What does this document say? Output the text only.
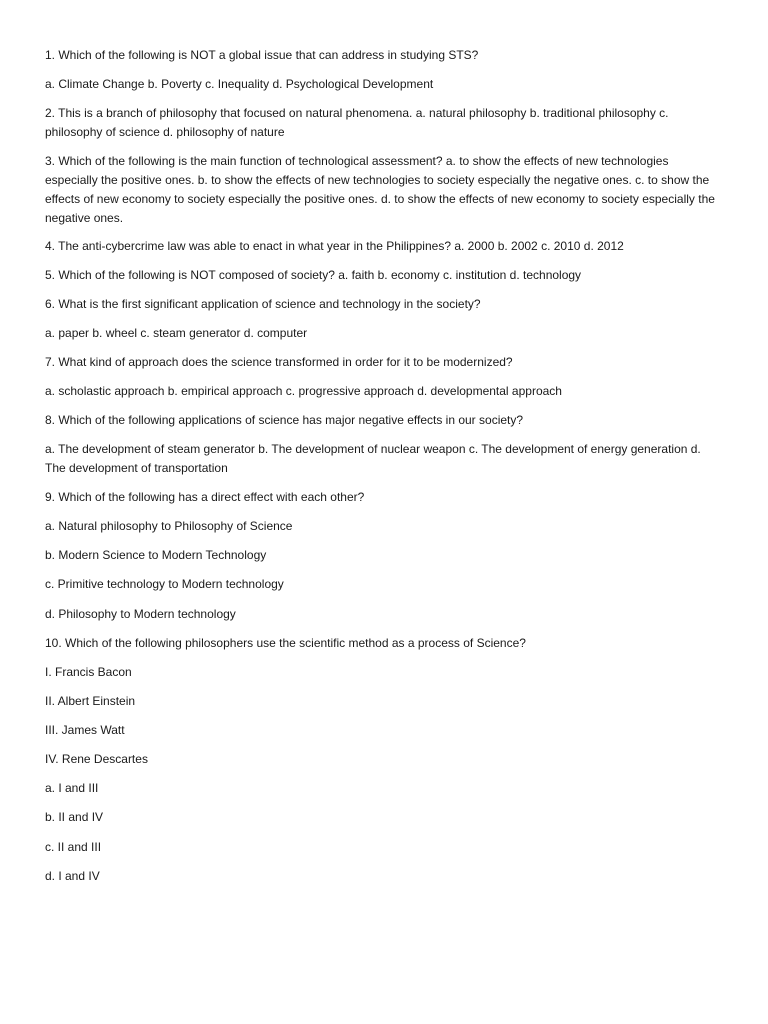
1. Which of the following is NOT a global issue that can address in studying STS?

a. Climate Change b. Poverty c. Inequality d. Psychological Development

2. This is a branch of philosophy that focused on natural phenomena. a. natural philosophy b. traditional philosophy c. philosophy of science d. philosophy of nature

3. Which of the following is the main function of technological assessment? a. to show the effects of new technologies especially the positive ones. b. to show the effects of new technologies to society especially the negative ones. c. to show the effects of new economy to society especially the positive ones. d. to show the effects of new economy to society especially the negative ones.

4. The anti-cybercrime law was able to enact in what year in the Philippines? a. 2000 b. 2002 c. 2010 d. 2012

5. Which of the following is NOT composed of society? a. faith b. economy c. institution d. technology

6. What is the first significant application of science and technology in the society?

a. paper b. wheel c. steam generator d. computer

7. What kind of approach does the science transformed in order for it to be modernized?

a. scholastic approach b. empirical approach c. progressive approach d. developmental approach

8. Which of the following applications of science has major negative effects in our society?

a. The development of steam generator b. The development of nuclear weapon c. The development of energy generation d. The development of transportation

9. Which of the following has a direct effect with each other?

a. Natural philosophy to Philosophy of Science

b. Modern Science to Modern Technology

c. Primitive technology to Modern technology

d. Philosophy to Modern technology

10. Which of the following philosophers use the scientific method as a process of Science?

I. Francis Bacon

II. Albert Einstein

III. James Watt

IV. Rene Descartes

a. I and III

b. II and IV

c. II and III

d. I and IV
